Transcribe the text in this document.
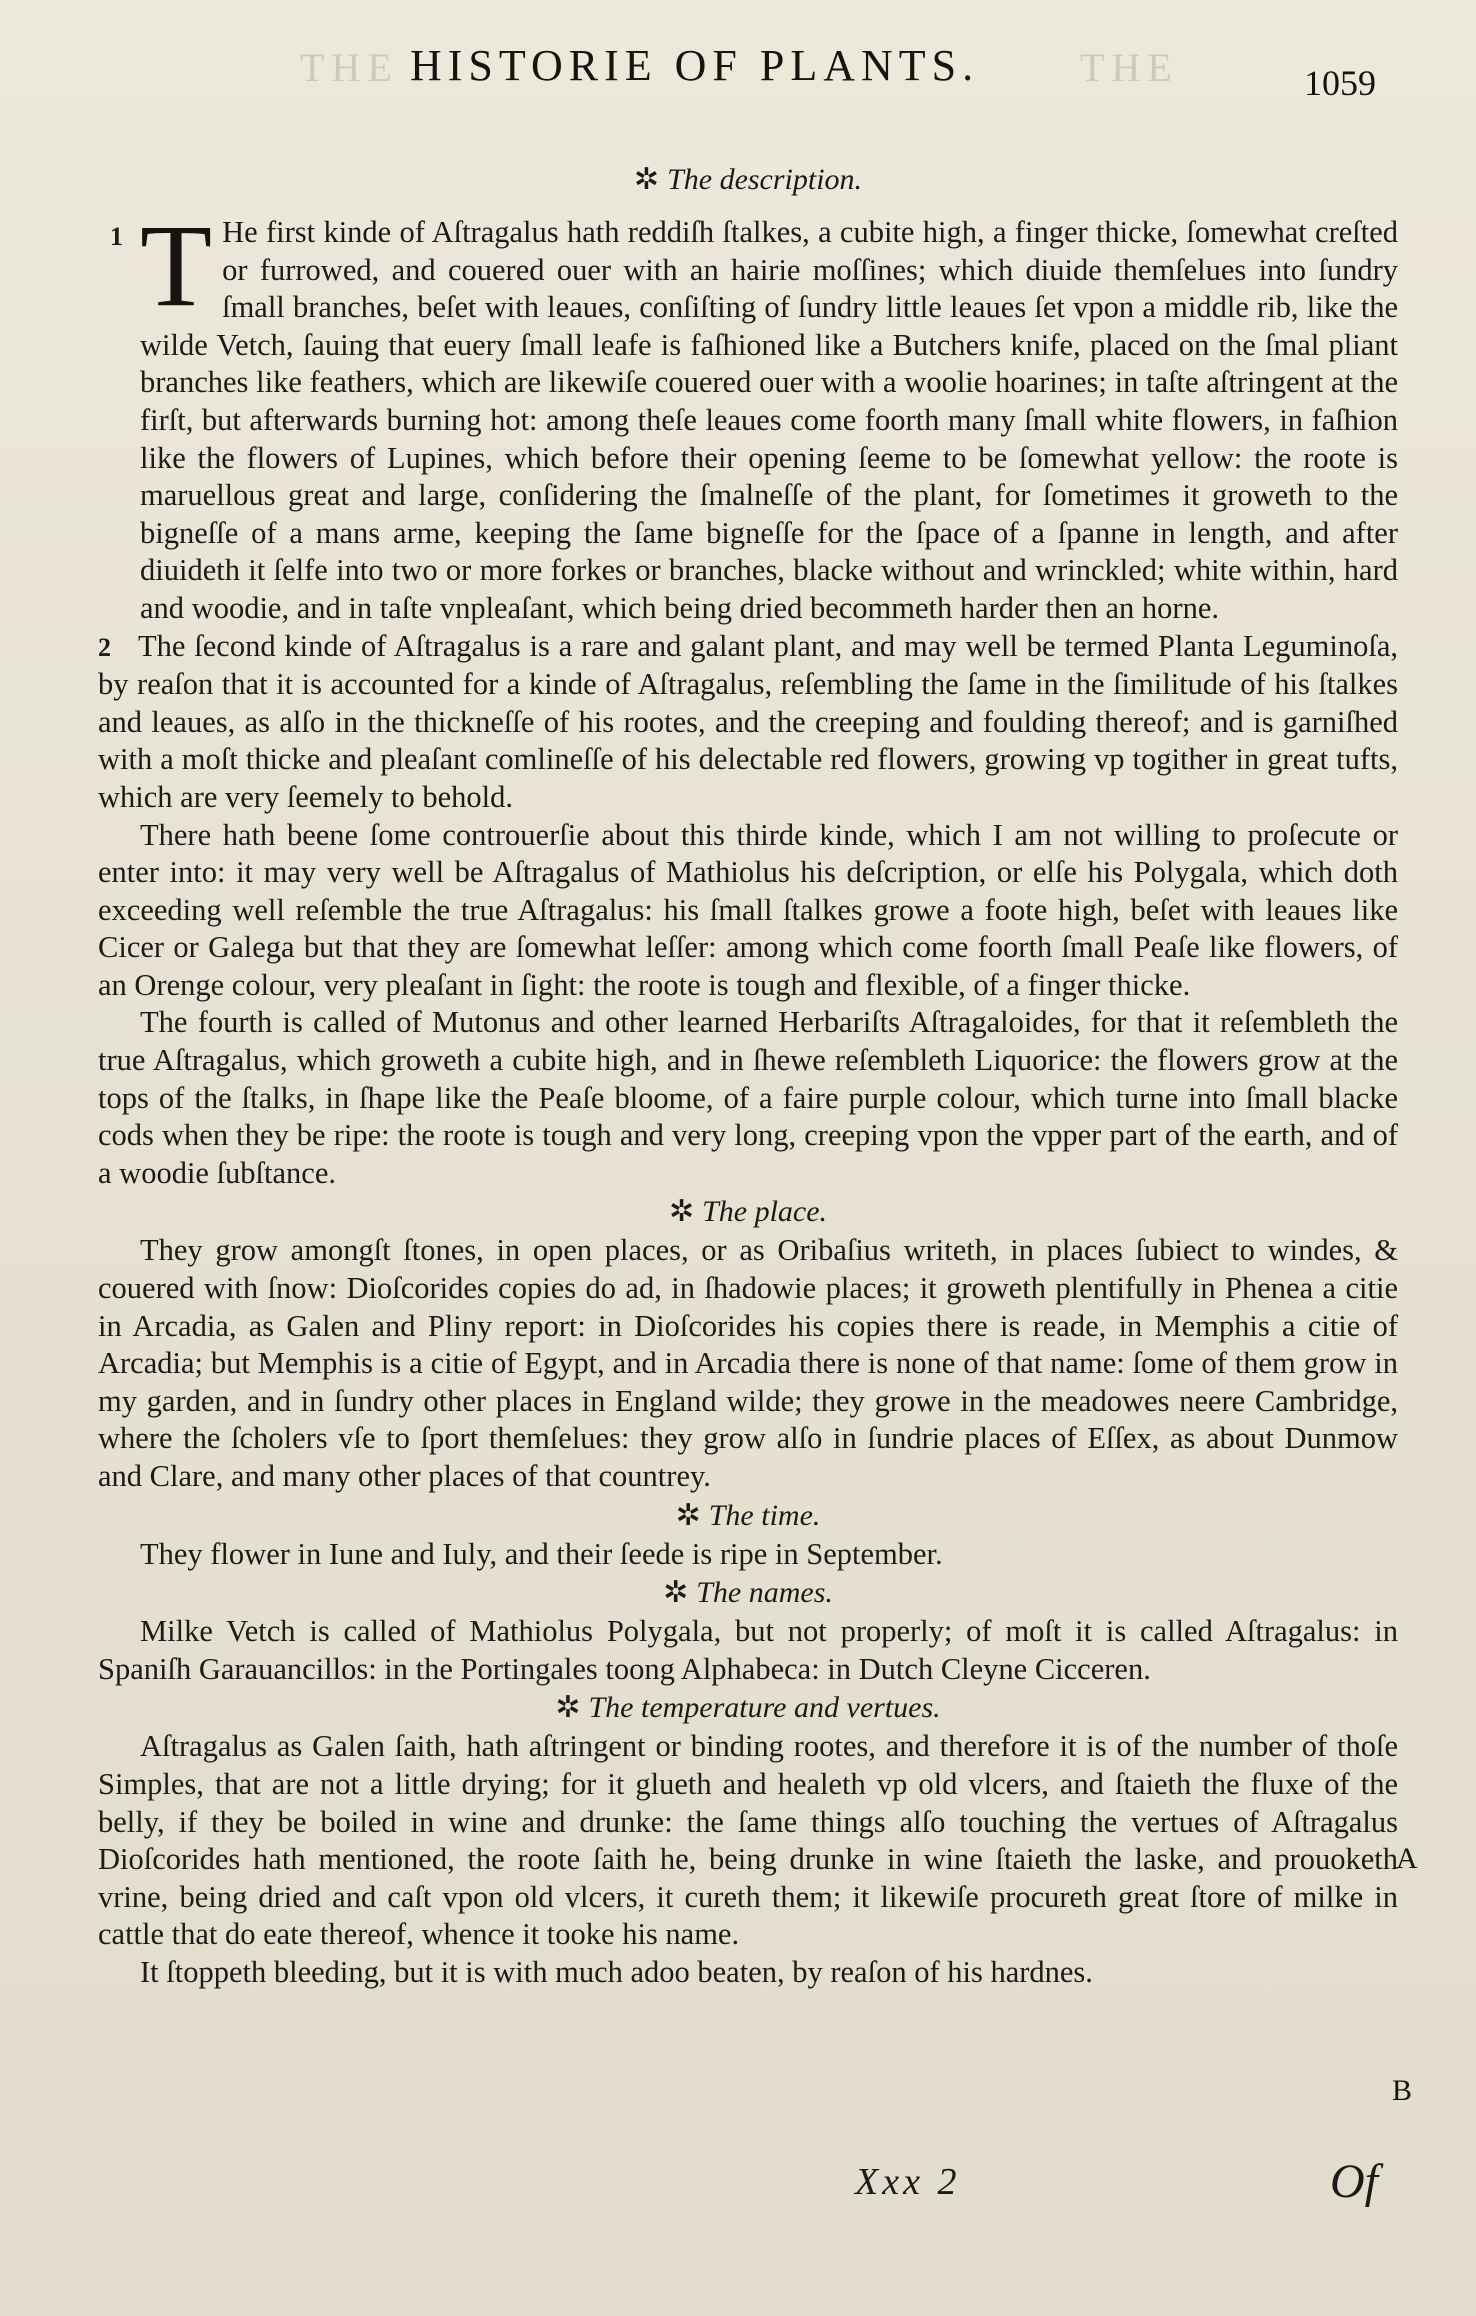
THE HISTORIE OF PLANTS.	THE	1059

✲ The description.

T He first kinde of Aſtragalus hath reddiſh ſtalkes, a cubite high, a finger thicke, ſomewhat creſted or furrowed, and couered ouer with an hairie moſſines; which diuide themſelues into ſundry ſmall branches, beſet with leaues, conſiſting of ſundry little leaues ſet vpon a middle rib, like the wilde Vetch, ſauing that euery ſmall leafe is faſhioned like a Butchers knife, placed on the ſmal pliant branches like feathers, which are likewiſe couered ouer with a woolie hoarines; in taſte aſtringent at the firſt, but afterwards burning hot: among theſe leaues come foorth many ſmall white flowers, in faſhion like the flowers of Lupines, which before their opening ſeeme to be ſomewhat yellow: the roote is maruellous great and large, conſidering the ſmalneſſe of the plant, for ſometimes it groweth to the bigneſſe of a mans arme, keeping the ſame bigneſſe for the ſpace of a ſpanne in length, and after diuideth it ſelfe into two or more forkes or branches, blacke without and wrinckled; white within, hard and woodie, and in taſte vnpleaſant, which being dried becommeth harder then an horne.

1

2 The ſecond kinde of Aſtragalus is a rare and galant plant, and may well be termed Planta Leguminoſa, by reaſon that it is accounted for a kinde of Aſtragalus, reſembling the ſame in the ſimilitude of his ſtalkes and leaues, as alſo in the thickneſſe of his rootes, and the creeping and foulding thereof; and is garniſhed with a moſt thicke and pleaſant comlineſſe of his delectable red flowers, growing vp togither in great tufts, which are very ſeemely to behold.

There hath beene ſome controuerſie about this thirde kinde, which I am not willing to proſecute or enter into: it may very well be Aſtragalus of Mathiolus his deſcription, or elſe his Polygala, which doth exceeding well reſemble the true Aſtragalus: his ſmall ſtalkes growe a foote high, beſet with leaues like Cicer or Galega but that they are ſomewhat leſſer: among which come foorth ſmall Peaſe like flowers, of an Orenge colour, very pleaſant in ſight: the roote is tough and flexible, of a finger thicke.

The fourth is called of Mutonus and other learned Herbariſts Aſtragaloides, for that it reſembleth the true Aſtragalus, which groweth a cubite high, and in ſhewe reſembleth Liquorice: the flowers grow at the tops of the ſtalks, in ſhape like the Peaſe bloome, of a faire purple colour, which turne into ſmall blacke cods when they be ripe: the roote is tough and very long, creeping vpon the vpper part of the earth, and of a woodie ſubſtance.

✲ The place.

They grow amongſt ſtones, in open places, or as Oribaſius writeth, in places ſubiect to windes, & couered with ſnow: Dioſcorides copies do ad, in ſhadowie places; it groweth plentifully in Phenea a citie in Arcadia, as Galen and Pliny report: in Dioſcorides his copies there is reade, in Memphis a citie of Arcadia; but Memphis is a citie of Egypt, and in Arcadia there is none of that name: ſome of them grow in my garden, and in ſundry other places in England wilde; they growe in the meadowes neere Cambridge, where the ſcholers vſe to ſport themſelues: they grow alſo in ſundrie places of Eſſex, as about Dunmow and Clare, and many other places of that countrey.

✲ The time.

They flower in Iune and Iuly, and their ſeede is ripe in September.

✲ The names.

Milke Vetch is called of Mathiolus Polygala, but not properly; of moſt it is called Aſtragalus: in Spaniſh Garauancillos: in the Portingales toong Alphabeca: in Dutch Cleyne Cicceren.

✲ The temperature and vertues.

Aſtragalus as Galen ſaith, hath aſtringent or binding rootes, and therefore it is of the number of thoſe Simples, that are not a little drying; for it glueth and healeth vp old vlcers, and ſtaieth the fluxe of the belly, if they be boiled in wine and drunke: the ſame things alſo touching the vertues of Aſtragalus Dioſcorides hath mentioned, the roote ſaith he, being drunke in wine ſtaieth the laske, and prouoketh vrine, being dried and caſt vpon old vlcers, it cureth them; it likewiſe procureth great ſtore of milke in cattle that do eate thereof, whence it tooke his name.

It ſtoppeth bleeding, but it is with much adoo beaten, by reaſon of his hardnes.

A
B
Xxx 2	Of
